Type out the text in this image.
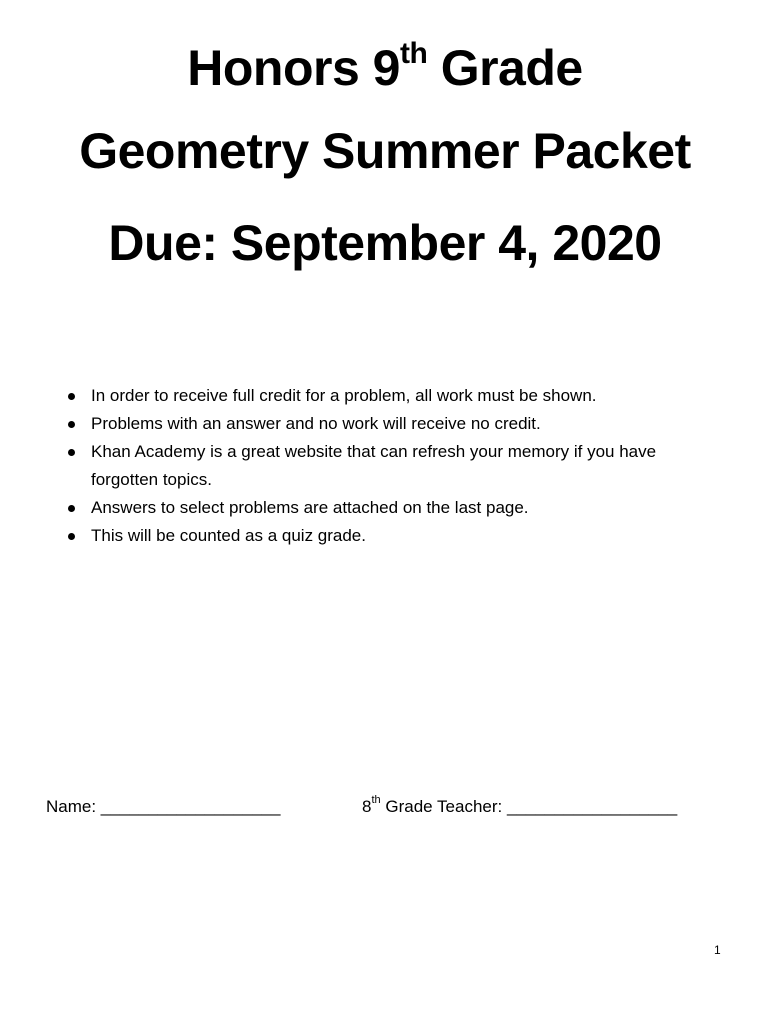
Honors 9th Grade
Geometry Summer Packet
Due: September 4, 2020
In order to receive full credit for a problem, all work must be shown.
Problems with an answer and no work will receive no credit.
Khan Academy is a great website that can refresh your memory if you have forgotten topics.
Answers to select problems are attached on the last page.
This will be counted as a quiz grade.
Name: ___________________	8th Grade Teacher: __________________
1
